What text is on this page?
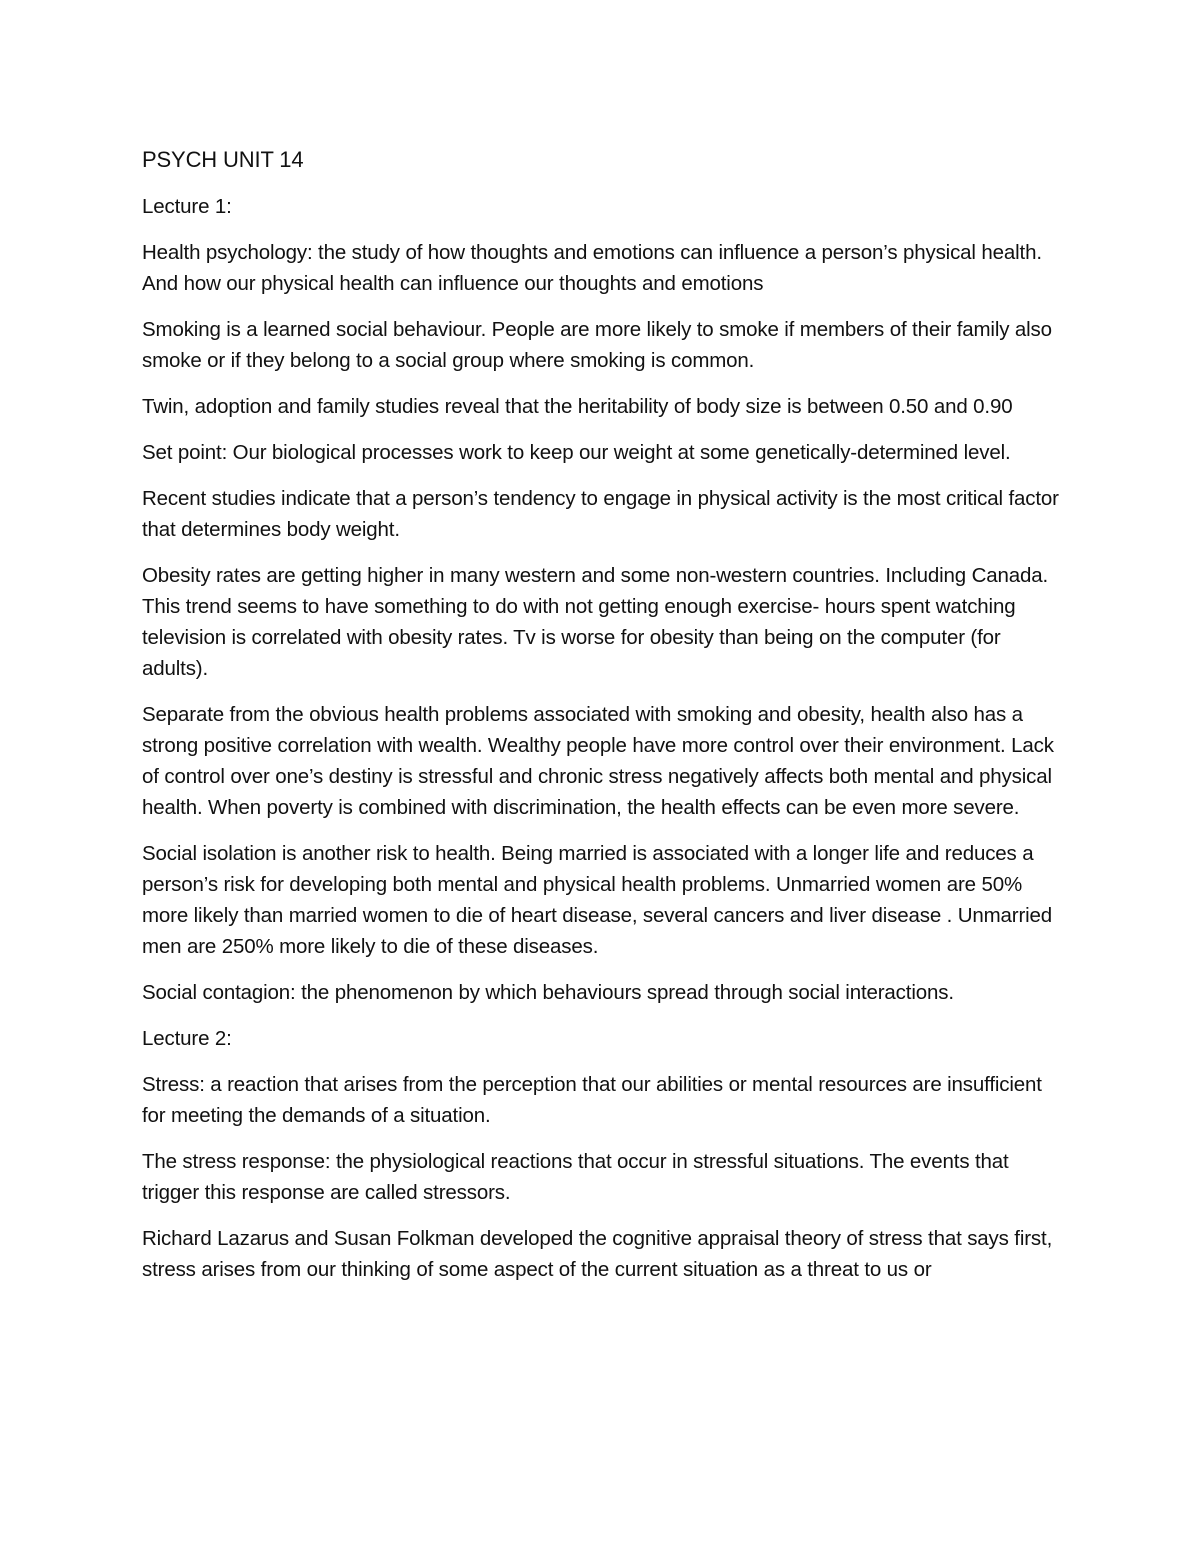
PSYCH UNIT 14

Lecture 1:

Health psychology: the study of how thoughts and emotions can influence a person’s physical health. And how our physical health can influence our thoughts and emotions

Smoking is a learned social behaviour. People are more likely to smoke if members of their family also smoke or if they belong to a social group where smoking is common.

Twin, adoption and family studies reveal that the heritability of body size is between 0.50 and 0.90

Set point: Our biological processes work to keep our weight at some genetically-determined level.

Recent studies indicate that a person’s tendency to engage in physical activity is the most critical factor that determines body weight.

Obesity rates are getting higher in many western and some non-western countries. Including Canada. This trend seems to have something to do with not getting enough exercise- hours spent watching television is correlated with obesity rates. Tv is worse for obesity than being on the computer (for adults).

Separate from the obvious health problems associated with smoking and obesity, health also has a strong positive correlation with wealth. Wealthy people have more control over their environment. Lack of control over one’s destiny is stressful and chronic stress negatively affects both mental and physical health. When poverty is combined with discrimination, the health effects can be even more severe.

Social isolation is another risk to health. Being married is associated with a longer life and reduces a person’s risk for developing both mental and physical health problems. Unmarried women are 50% more likely than married women to die of heart disease, several cancers and liver disease . Unmarried men are 250% more likely to die of these diseases.

Social contagion: the phenomenon by which behaviours spread through social interactions.

Lecture 2:

Stress: a reaction that arises from the perception that our abilities or mental resources are insufficient for meeting the demands of a situation.

The stress response: the physiological reactions that occur in stressful situations. The events that trigger this response are called stressors.

Richard Lazarus and Susan Folkman developed the cognitive appraisal theory of stress that says first, stress arises from our thinking of some aspect of the current situation as a threat to us or
